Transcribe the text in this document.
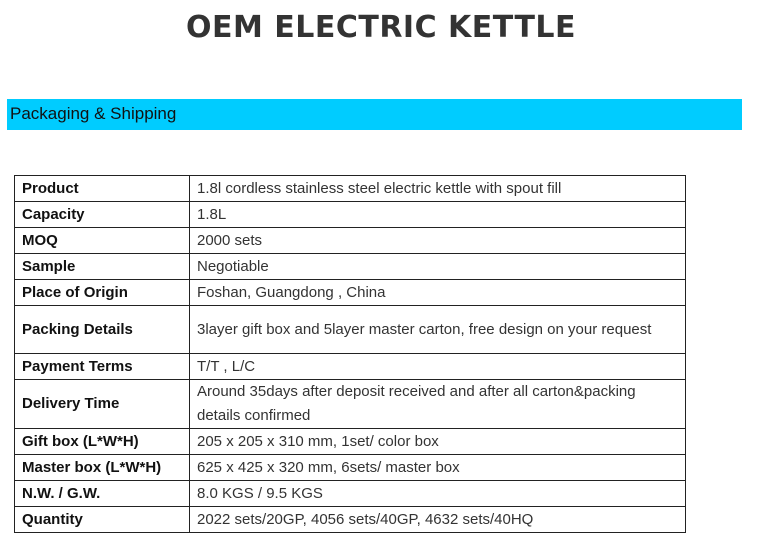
OEM ELECTRIC KETTLE
Packaging & Shipping
Product	1.8l cordless stainless steel electric kettle with spout fill
Capacity	1.8L
MOQ	2000 sets
Sample	Negotiable
Place of Origin	Foshan, Guangdong , China
Packing Details	3layer gift box and 5layer master carton, free design on your request
Payment Terms	T/T , L/C
Delivery Time	Around 35days after deposit received and after all carton&packing details confirmed
Gift box (L*W*H)	205 x 205 x 310 mm, 1set/ color box
Master box (L*W*H)	625 x 425 x 320 mm, 6sets/ master box
N.W. / G.W.	8.0 KGS / 9.5 KGS
Quantity	2022 sets/20GP, 4056 sets/40GP, 4632 sets/40HQ
